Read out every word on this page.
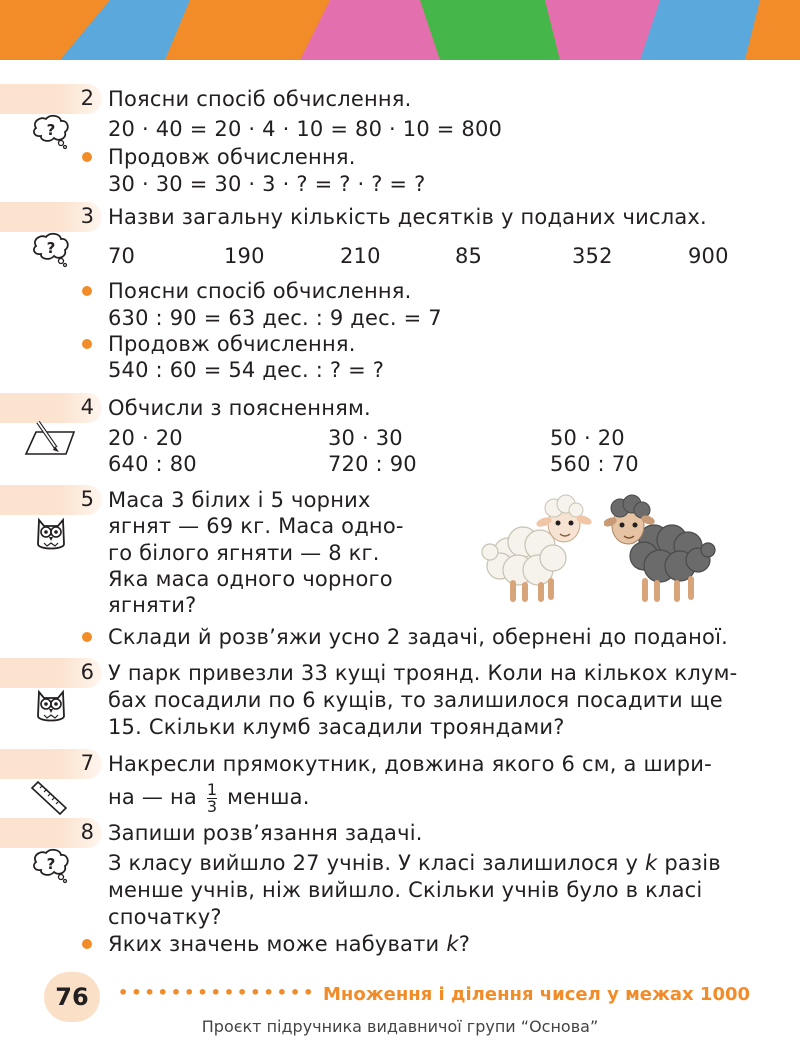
2 Поясни спосіб обчислення.
?	20 · 40 = 20 · 4 · 10 = 80 · 10 = 800
Продовж обчислення.
30 · 30 = 30 · 3 · ? = ? · ? = ?
3 Назви загальну кількість десятків у поданих числах.
?	70	190	210	85	352	900
Поясни спосіб обчислення.
630 : 90 = 63 дес. : 9 дес. = 7
Продовж обчислення.
540 : 60 = 54 дес. : ? = ?
4 Обчисли з поясненням.
20 · 20	30 · 30	50 · 20
640 : 80	720 : 90	560 : 70
5 Маса 3 білих і 5 чорних
ягнят — 69 кг. Маса одно-
го білого ягняти — 8 кг.
Яка маса одного чорного
ягняти?
Склади й розв’яжи усно 2 задачі, обернені до поданої.
6 У парк привезли 33 кущі троянд. Коли на кількох клум-
бах посадили по 6 кущів, то залишилося посадити ще
15. Скільки клумб засадили трояндами?
7 Накресли прямокутник, довжина якого 6 см, а шири-
на — на $\frac{1}{3}$ менша.
8 Запиши розв’язання задачі.
?	З класу вийшло 27 учнів. У класі залишилося у k разів
менше учнів, ніж вийшло. Скільки учнів було в класі
спочатку?
Яких значень може набувати k?
76	••••••••••••••• Множення і ділення чисел у межах 1000
Проєкт підручника видавничої групи “Основа”
